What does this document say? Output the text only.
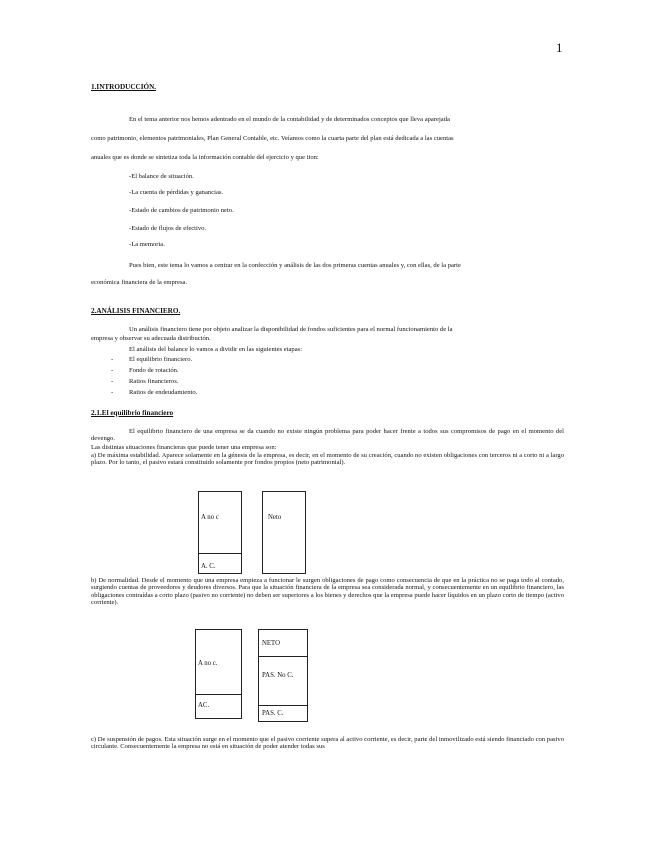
1
1.INTRODUCCIÓN.
En el tema anterior nos hemos adentrado en el mundo de la contabilidad y de determinados conceptos que lleva aparejada
como patrimonio, elementos patrimoniales, Plan General Contable, etc. Veíamos como la cuarta parte del plan está dedicada a las cuentas
anuales que es donde se sintetiza toda la información contable del ejercicio y que tion:
-El balance de situación.
-La cuenta de pérdidas y ganancias.
-Estado de cambios de patrimonio neto.
-Estado de flujos de efectivo.
-La memoria.
Pues bien, este tema lo vamos a centrar en la confección y análisis de las dos primeras cuentas anuales y, con ellas, de la parte
económica financiera de la empresa.
2.ANÁLISIS FINANCIERO.
Un análisis financiero tiene por objeto analizar la disponibilidad de fondos suficientes para el normal funcionamiento de la
empresa y observar su adecuada distribución.
El análisis del balance lo vamos a dividir en las siguientes etapas:
- El equilibrio financiero.
- Fondo de rotación.
- Ratios financieros.
- Ratios de endeudamiento.
2.1.El equilibrio financiero
El equilibrio financiero de una empresa se da cuando no existe ningún problema para poder hacer frente a todos sus compromisos de pago en el momento del devengo.
Las distintas situaciones financieras que puede tener una empresa son:
a) De máxima estabilidad. Aparece solamente en la génesis de la empresa, es decir, en el momento de su creación, cuando no existen obligaciones con terceros ni a corto ni a largo plazo. Por lo tanto, el pasivo estará constituido solamente por fondos propios (neto patrimonial).
A no c
A. C.
Neto
b) De normalidad. Desde el momento que una empresa empieza a funcionar le surgen obligaciones de pago como consecuencia de que en la práctica no se paga todo al contado, surgiendo cuentas de proveedores y deudores diversos. Para que la situación financiera de la empresa sea considerada normal, y consecuentemente en un equilibrio financiero, las obligaciones contraídas a corto plazo (pasivo no corriente) no deben ser superiores a los bienes y derechos que la empresa puede hacer líquidos en un plazo corto de tiempo (activo corriente).
A no c.
AC.
NETO
PAS. No C.
PAS. C.
c) De suspensión de pagos. Esta situación surge en el momento que el pasivo corriente supera al activo corriente, es decir, parte del inmovilizado está siendo financiado con pasivo circulante. Consecuentemente la empresa no está en situación de poder atender todas sus
